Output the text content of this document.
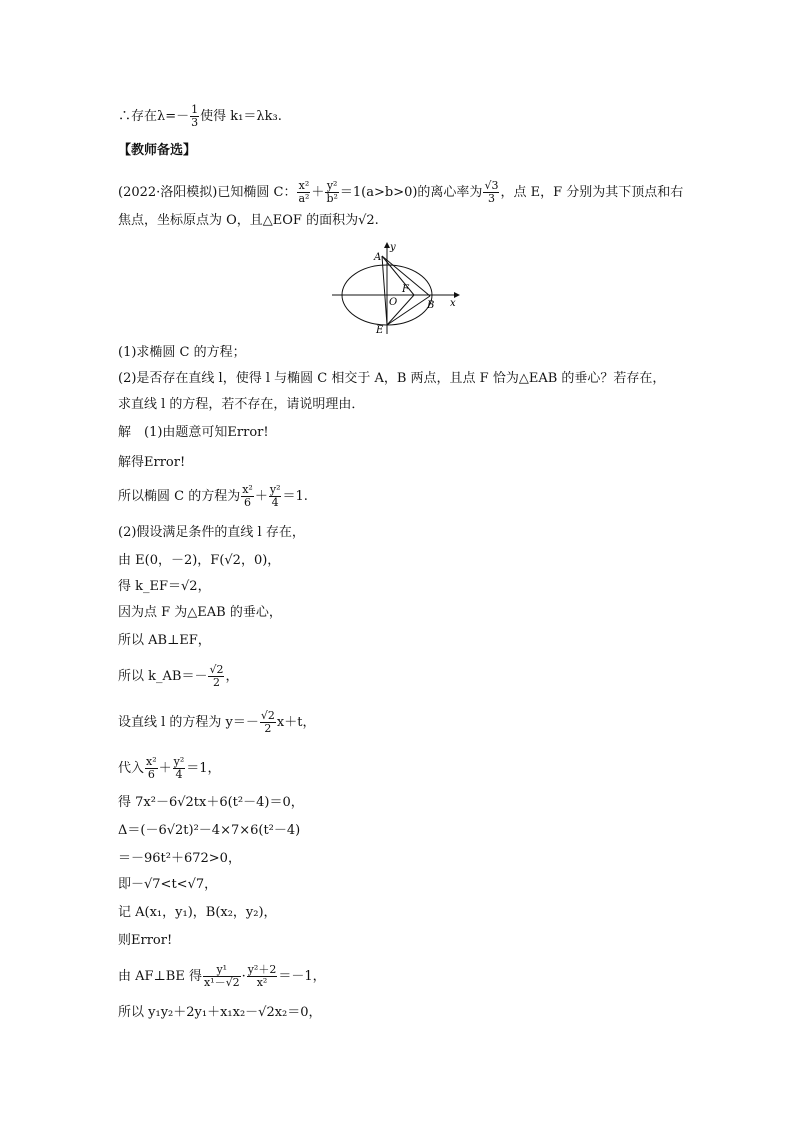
∴存在$\lambda=- \frac{1}{3}$ 使得 k₁＝λk₃.
【教师备选】
(2022·洛阳模拟)已知椭圆 C： $\frac{\text{x²}}{\text{a²}} + \frac{\text{y²}}{\text{b²}} =1(a>b>0)$的离心率为 $\frac{√3}{3}$ ，点 E，F 分别为其下顶点和右
焦点，坐标原点为 O，且△EOF 的面积为√2.
y
x
A
O
F
B
E
(1)求椭圆 C 的方程；
(2)是否存在直线 l，使得 l 与椭圆 C 相交于 A，B 两点，且点 F 恰为△EAB 的垂心？若存在，
求直线 l 的方程，若不存在，请说明理由．
解　(1)由题意可知Error!
解得Error!
所以椭圆 C 的方程为 $\frac{\text{x²}}{6} + \frac{\text{y²}}{4} =1$.
(2)假设满足条件的直线 l 存在，
由 E(0，－2)，F(√2，0)，
得 k_EF＝√2，
因为点 F 为△EAB 的垂心，
所以 AB⊥EF，
所以 k_AB＝－ $\frac{√2}{2}$ ，
设直线 l 的方程为 $y=- \frac{√2}{2} x+t$，
代入 $\frac{\text{x²}}{6} + \frac{\text{y²}}{4} =1$，
得 7x²－6√2tx＋6(t²－4)＝0，
Δ＝(－6√2t)²－4×7×6(t²－4)
＝－96t²＋672>0，
即－√7<t<√7，
记 A(x₁，y₁)，B(x₂，y₂)，
则Error!
由 AF⊥BE 得 $\frac{\text{y¹}}{\text{x¹－√2}} \cdot \frac{\text{y²＋2}}{\text{x²}} =-1$，
所以 y₁y₂＋2y₁＋x₁x₂－√2x₂＝0，
